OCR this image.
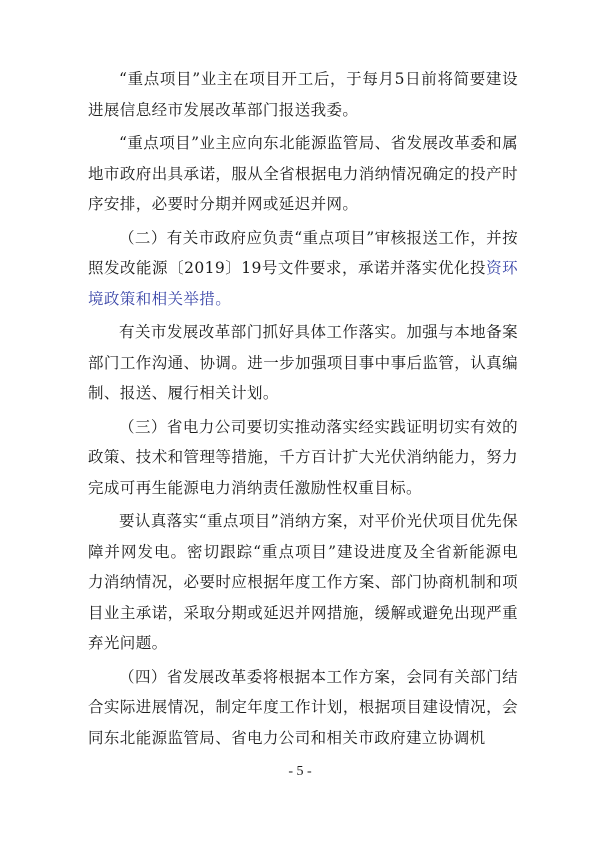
“重点项目”业主在项目开工后，于每月5日前将简要建设进展信息经市发展改革部门报送我委。

“重点项目”业主应向东北能源监管局、省发展改革委和属地市政府出具承诺，服从全省根据电力消纳情况确定的投产时序安排，必要时分期并网或延迟并网。

（二）有关市政府应负责“重点项目”审核报送工作，并按照发改能源〔2019〕19号文件要求，承诺并落实优化投资环境政策和相关举措。

有关市发展改革部门抓好具体工作落实。加强与本地备案部门工作沟通、协调。进一步加强项目事中事后监管，认真编制、报送、履行相关计划。

（三）省电力公司要切实推动落实经实践证明切实有效的政策、技术和管理等措施，千方百计扩大光伏消纳能力，努力完成可再生能源电力消纳责任激励性权重目标。

要认真落实“重点项目”消纳方案，对平价光伏项目优先保障并网发电。密切跟踪“重点项目”建设进度及全省新能源电力消纳情况，必要时应根据年度工作方案、部门协商机制和项目业主承诺，采取分期或延迟并网措施，缓解或避免出现严重弃光问题。

（四）省发展改革委将根据本工作方案，会同有关部门结合实际进展情况，制定年度工作计划，根据项目建设情况，会同东北能源监管局、省电力公司和相关市政府建立协调机

- 5 -
